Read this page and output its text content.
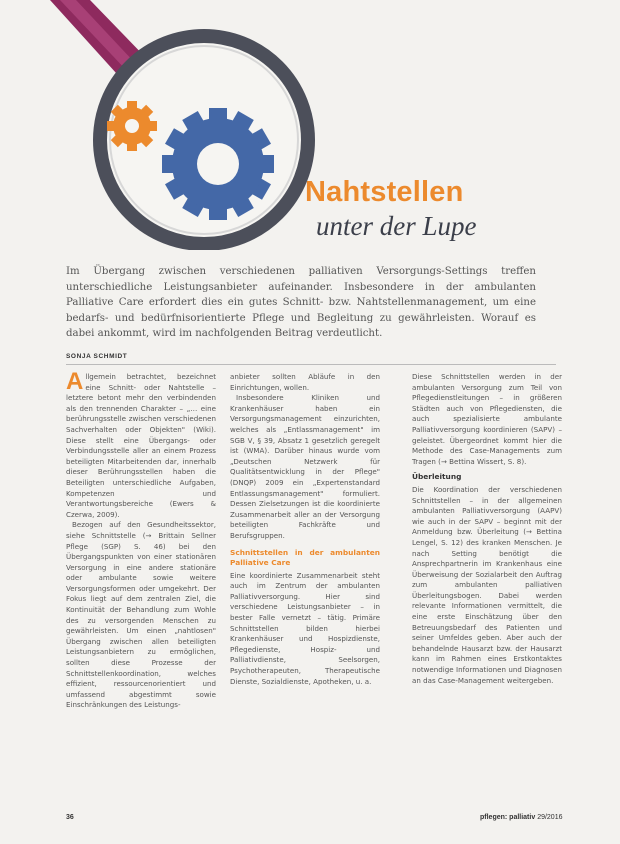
Nahtstellen
unter der Lupe
Im Übergang zwischen verschiedenen palliativen Versorgungs-Settings treffen unterschiedliche Leistungsanbieter aufeinander. Insbesondere in der ambulanten Palliative Care erfordert dies ein gutes Schnitt- bzw. Nahtstellenmanagement, um eine bedarfs- und bedürfnisorientierte Pflege und Begleitung zu gewährleisten. Worauf es dabei ankommt, wird im nachfolgenden Beitrag verdeutlicht.
SONJA SCHMIDT

Allgemein betrachtet, bezeichnet eine Schnitt- oder Nahtstelle – letztere betont mehr den verbindenden als den trennenden Charakter – „… eine berührungsstelle zwischen verschiedenen Sachverhalten oder Objekten" (Wiki). Diese stellt eine Übergangs- oder Verbindungsstelle aller an einem Prozess beteiligten Mitarbeitenden dar, innerhalb dieser Berührungsstellen haben die Beteiligten unterschiedliche Aufgaben, Kompetenzen und Verantwortungsbereiche (Ewers & Czerwa, 2009).

Bezogen auf den Gesundheitssektor, siehe Schnittstelle (→ Brittain Sellner Pflege (SGP) S. 46) bei den Übergangspunkten von einer stationären Versorgung in eine andere stationäre oder ambulante sowie weitere Versorgungsformen oder umgekehrt. Der Fokus liegt auf dem zentralen Ziel, die Kontinuität der Behandlung zum Wohle des zu versorgenden Menschen zu gewährleisten. Um einen „nahtlosen" Übergang zwischen allen beteiligten Leistungsanbietern zu ermöglichen, sollten diese Prozesse der Schnittstellenkoordination, welches effizient, ressourcenorientiert und umfassend abgestimmt sowie Einschränkungen des Leistungs-

anbieter sollten Abläufe in den Einrichtungen, wollen.

Insbesondere Kliniken und Krankenhäuser haben ein Versorgungsmanagement einzurichten, welches als „Entlassmanagement" im SGB V, § 39, Absatz 1 gesetzlich geregelt ist (WMA). Darüber hinaus wurde vom „Deutschen Netzwerk für Qualitätsentwicklung in der Pflege" (DNQP) 2009 ein „Expertenstandard Entlassungsmanagement" formuliert. Dessen Zielsetzungen ist die koordinierte Zusammenarbeit aller an der Versorgung beteiligten Fachkräfte und Berufsgruppen.

Schnittstellen in der ambulanten Palliative Care

Eine koordinierte Zusammenarbeit steht auch im Zentrum der ambulanten Palliativversorgung. Hier sind verschiedene Leistungsanbieter – in bester Falle vernetzt – tätig. Primäre Schnittstellen bilden hierbei Krankenhäuser und Hospizdienste, Pflegedienste, Hospiz- und Palliativdienste, Seelsorgen, Psychotherapeuten, Therapeutische Dienste, Sozialdienste, Apotheken, u. a.

Diese Schnittstellen werden in der ambulanten Versorgung zum Teil von Pflegedienstleitungen – in größeren Städten auch von Pflegediensten, die auch spezialisierte ambulante Palliativversorgung koordinieren (SAPV) – geleistet. Übergeordnet kommt hier die Methode des Case-Managements zum Tragen (→ Bettina Wissert, S. 8).

Überleitung

Die Koordination der verschiedenen Schnittstellen – in der allgemeinen ambulanten Palliativversorgung (AAPV) wie auch in der SAPV – beginnt mit der Anmeldung bzw. Überleitung (→ Bettina Lengel, S. 12) des kranken Menschen. Je nach Setting benötigt die Ansprechpartnerin im Krankenhaus eine Überweisung der Sozialarbeit den Auftrag zum ambulanten palliativen Überleitungsbogen. Dabei werden relevante Informationen vermittelt, die eine erste Einschätzung über den Betreuungsbedarf des Patienten und seiner Umfeldes geben. Aber auch der behandelnde Hausarzt bzw. der Hausarzt kann im Rahmen eines Erstkontaktes notwendige Informationen und Diagnosen an das Case-Management weitergeben.

36	pflegen: palliativ 29/2016
